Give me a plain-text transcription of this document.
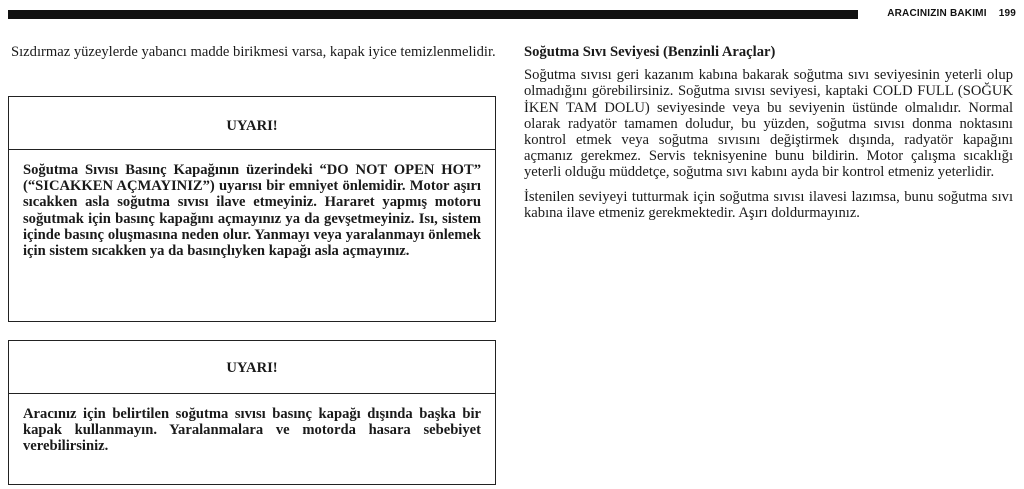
ARACINIZIN BAKIMI 199

Sızdırmaz yüzeylerde yabancı madde birikmesi varsa, kapak iyice temizlenmelidir.

UYARI!
Soğutma Sıvısı Basınç Kapağının üzerindeki “DO NOT OPEN HOT” (“SICAKKEN AÇMAYINIZ”) uyarısı bir emniyet önlemidir. Motor aşırı sıcakken asla soğutma sıvısı ilave etmeyiniz. Hararet yapmış motoru soğutmak için basınç kapağını açmayınız ya da gevşetmeyiniz. Isı, sistem içinde basınç oluşmasına neden olur. Yanmayı veya yaralanmayı önlemek için sistem sıcakken ya da basınçlıyken kapağı asla açmayınız.
UYARI!
Aracınız için belirtilen soğutma sıvısı basınç kapağı dışında başka bir kapak kullanmayın. Yaralanmalara ve motorda hasara sebebiyet verebilirsiniz.
Soğutma Sıvı Seviyesi (Benzinli Araçlar)

Soğutma sıvısı geri kazanım kabına bakarak soğutma sıvı seviyesinin yeterli olup olmadığını görebilirsiniz. Soğutma sıvısı seviyesi, kaptaki COLD FULL (SOĞUK İKEN TAM DOLU) seviyesinde veya bu seviyenin üstünde olmalıdır. Normal olarak radyatör tamamen doludur, bu yüzden, soğutma sıvısı donma noktasını kontrol etmek veya soğutma sıvısını değiştirmek dışında, radyatör kapağını açmanız gerekmez. Servis teknisyenine bunu bildirin. Motor çalışma sıcaklığı yeterli olduğu müddetçe, soğutma sıvı kabını ayda bir kontrol etmeniz yeterlidir.

İstenilen seviyeyi tutturmak için soğutma sıvısı ilavesi lazımsa, bunu soğutma sıvı kabına ilave etmeniz gerekmektedir. Aşırı doldurmayınız.
